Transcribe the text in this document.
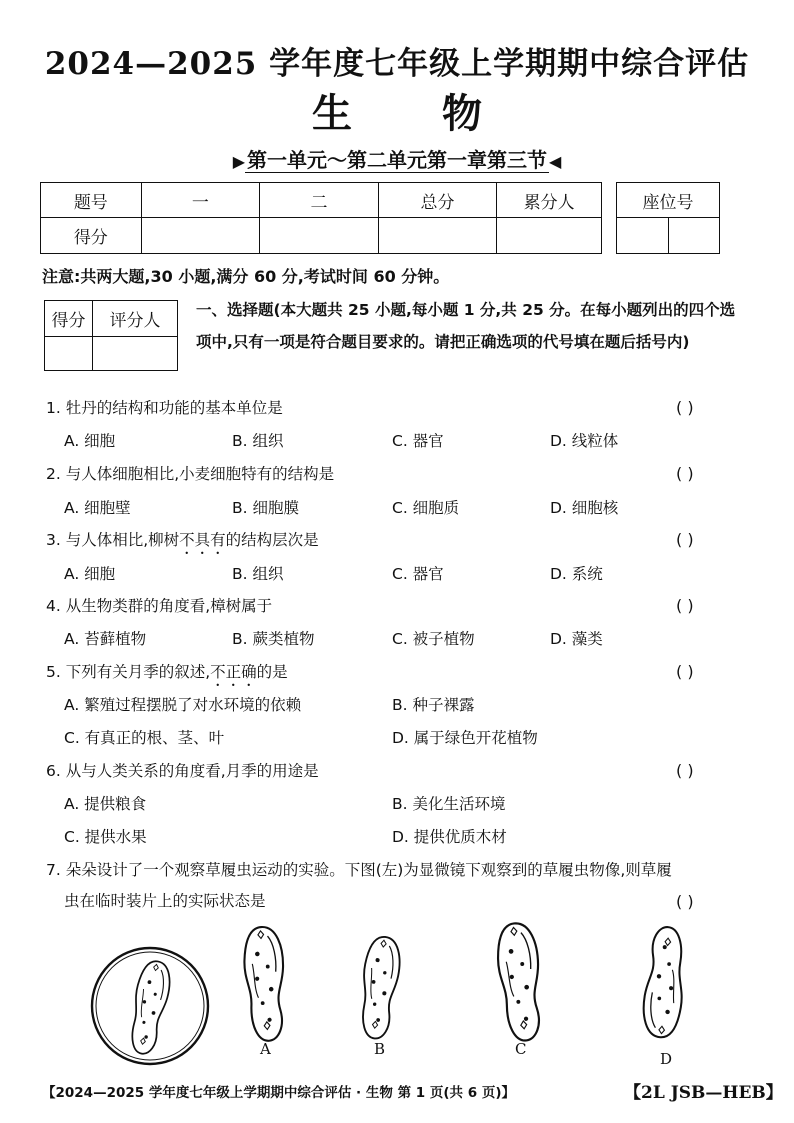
2024—2025 学年度七年级上学期期中综合评估
生物
▶ 第一单元～第二单元第一章第三节 ◀
题号	一	二	总分	累分人
得分				
座位号

注意:共两大题,30 小题,满分 60 分,考试时间 60 分钟。
得分	评分人

一、选择题(本大题共 25 小题,每小题 1 分,共 25 分。在每小题列出的四个选项中,只有一项是符合题目要求的。请把正确选项的代号填在题后括号内)
1. 牡丹的结构和功能的基本单位是	( )
A. 细胞	B. 组织	C. 器官	D. 线粒体
2. 与人体细胞相比,小麦细胞特有的结构是	( )
A. 细胞壁	B. 细胞膜	C. 细胞质	D. 细胞核
3. 与人体相比,柳树不具有的结构层次是	( )
A. 细胞	B. 组织	C. 器官	D. 系统
4. 从生物类群的角度看,樟树属于	( )
A. 苔藓植物	B. 蕨类植物	C. 被子植物	D. 藻类
5. 下列有关月季的叙述,不正确的是	( )
A. 繁殖过程摆脱了对水环境的依赖	B. 种子裸露
C. 有真正的根、茎、叶	D. 属于绿色开花植物
6. 从与人类关系的角度看,月季的用途是	( )
A. 提供粮食	B. 美化生活环境
C. 提供水果	D. 提供优质木材
7. 朵朵设计了一个观察草履虫运动的实验。下图(左)为显微镜下观察到的草履虫物像,则草履
虫在临时装片上的实际状态是	( )
A	B	C
D
【2024—2025 学年度七年级上学期期中综合评估 · 生物 第 1 页(共 6 页)】	【2L JSB—HEB】
